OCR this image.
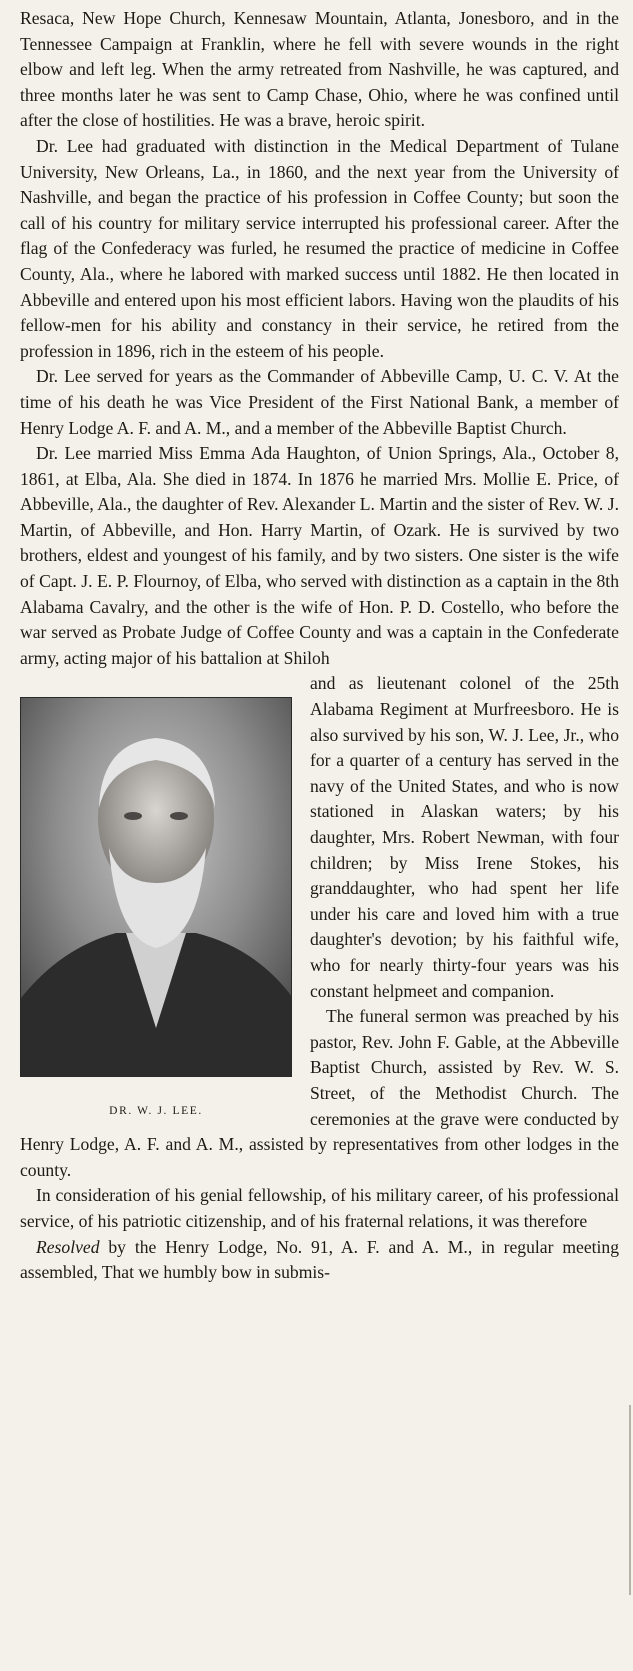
Resaca, New Hope Church, Kennesaw Mountain, Atlanta, Jonesboro, and in the Tennessee Campaign at Franklin, where he fell with severe wounds in the right elbow and left leg. When the army retreated from Nashville, he was captured, and three months later he was sent to Camp Chase, Ohio, where he was confined until after the close of hostilities. He was a brave, heroic spirit.

Dr. Lee had graduated with distinction in the Medical Department of Tulane University, New Orleans, La., in 1860, and the next year from the University of Nashville, and began the practice of his profession in Coffee County; but soon the call of his country for military service interrupted his professional career. After the flag of the Confederacy was furled, he resumed the practice of medicine in Coffee County, Ala., where he labored with marked success until 1882. He then located in Abbeville and entered upon his most efficient labors. Having won the plaudits of his fellow-men for his ability and constancy in their service, he retired from the profession in 1896, rich in the esteem of his people.

Dr. Lee served for years as the Commander of Abbeville Camp, U. C. V. At the time of his death he was Vice President of the First National Bank, a member of Henry Lodge A. F. and A. M., and a member of the Abbeville Baptist Church.

Dr. Lee married Miss Emma Ada Haughton, of Union Springs, Ala., October 8, 1861, at Elba, Ala. She died in 1874. In 1876 he married Mrs. Mollie E. Price, of Abbeville, Ala., the daughter of Rev. Alexander L. Martin and the sister of Rev. W. J. Martin, of Abbeville, and Hon. Harry Martin, of Ozark. He is survived by two brothers, eldest and youngest of his family, and by two sisters. One sister is the wife of Capt. J. E. P. Flournoy, of Elba, who served with distinction as a captain in the 8th Alabama Cavalry, and the other is the wife of Hon. P. D. Costello, who before the war served as Probate Judge of Coffee County and was a captain in the Confederate army, acting major of his battalion at Shiloh

DR. W. J. LEE.

and as lieutenant colonel of the 25th Alabama Regiment at Murfreesboro. He is also survived by his son, W. J. Lee, Jr., who for a quarter of a century has served in the navy of the United States, and who is now stationed in Alaskan waters; by his daughter, Mrs. Robert Newman, with four children; by Miss Irene Stokes, his granddaughter, who had spent her life under his care and loved him with a true daughter's devotion; by his faithful wife, who for nearly thirty-four years was his constant helpmeet and companion.

The funeral sermon was preached by his pastor, Rev. John F. Gable, at the Abbeville Baptist Church, assisted by Rev. W. S. Street, of the Methodist Church. The ceremonies at the grave were conducted by Henry Lodge, A. F. and A. M., assisted by representatives from other lodges in the county.

In consideration of his genial fellowship, of his military career, of his professional service, of his patriotic citizenship, and of his fraternal relations, it was therefore

Resolved by the Henry Lodge, No. 91, A. F. and A. M., in regular meeting assembled, That we humbly bow in submis-
